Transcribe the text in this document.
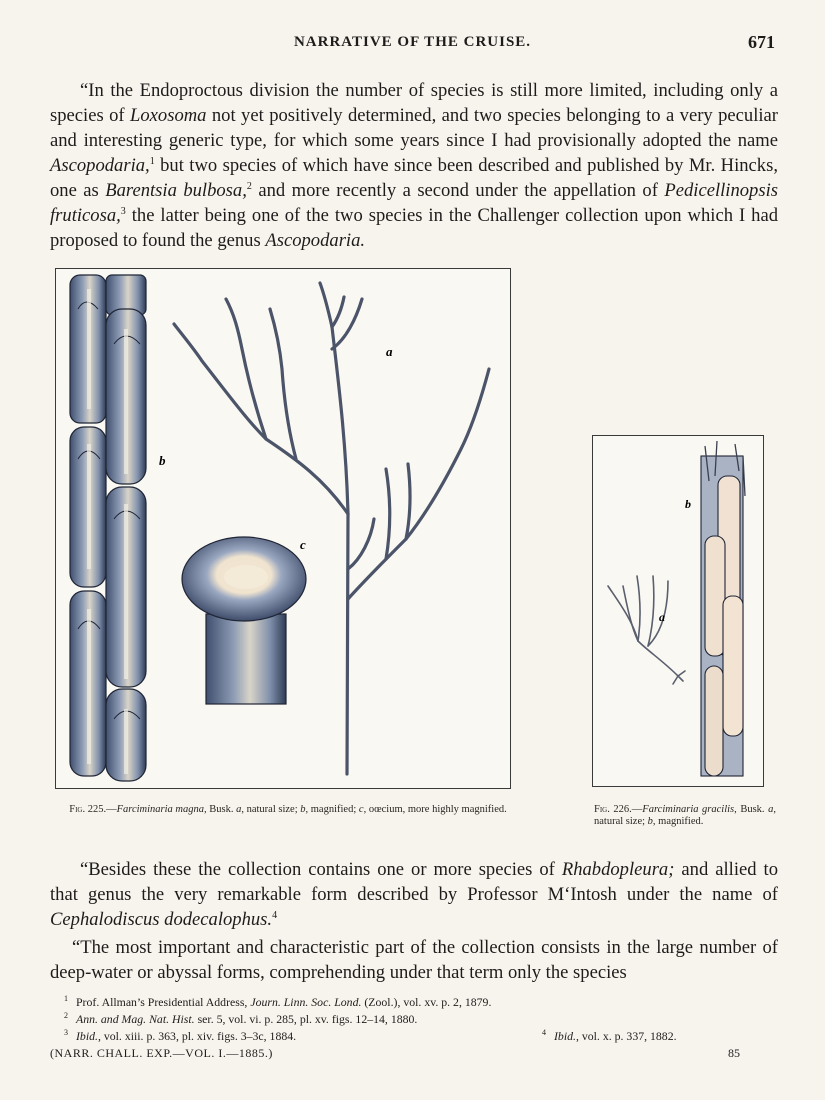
NARRATIVE OF THE CRUISE.	671

“In the Endoproctous division the number of species is still more limited, including only a species of Loxosoma not yet positively determined, and two species belonging to a very peculiar and interesting generic type, for which some years since I had provisionally adopted the name Ascopodaria,$^1$ but two species of which have since been described and published by Mr. Hincks, one as Barentsia bulbosa,$^2$ and more recently a second under the appellation of Pedicellinopsis fruticosa,$^3$ the latter being one of the two species in the Challenger collection upon which I had proposed to found the genus Ascopodaria.

b
a
c
a
b
Fig. 225.—Farciminaria magna, Busk. a, natural size; b, magnified; c, oœcium, more highly magnified.	Fig. 226.—Farciminaria gracilis, Busk. a, natural size; b, magnified.

“Besides these the collection contains one or more species of Rhabdopleura; and allied to that genus the very remarkable form described by Professor M‘Intosh under the name of Cephalodiscus dodecalophus.$^4$

“The most important and characteristic part of the collection consists in the large number of deep-water or abyssal forms, comprehending under that term only the species

$^1$ Prof. Allman’s Presidential Address, Journ. Linn. Soc. Lond. (Zool.), vol. xv. p. 2, 1879.
$^2$ Ann. and Mag. Nat. Hist. ser. 5, vol. vi. p. 285, pl. xv. figs. 12–14, 1880.
$^3$ Ibid., vol. xiii. p. 363, pl. xiv. figs. 3–3c, 1884.	$^4$ Ibid., vol. x. p. 337, 1882.
(NARR. CHALL. EXP.—VOL. I.—1885.)	85
